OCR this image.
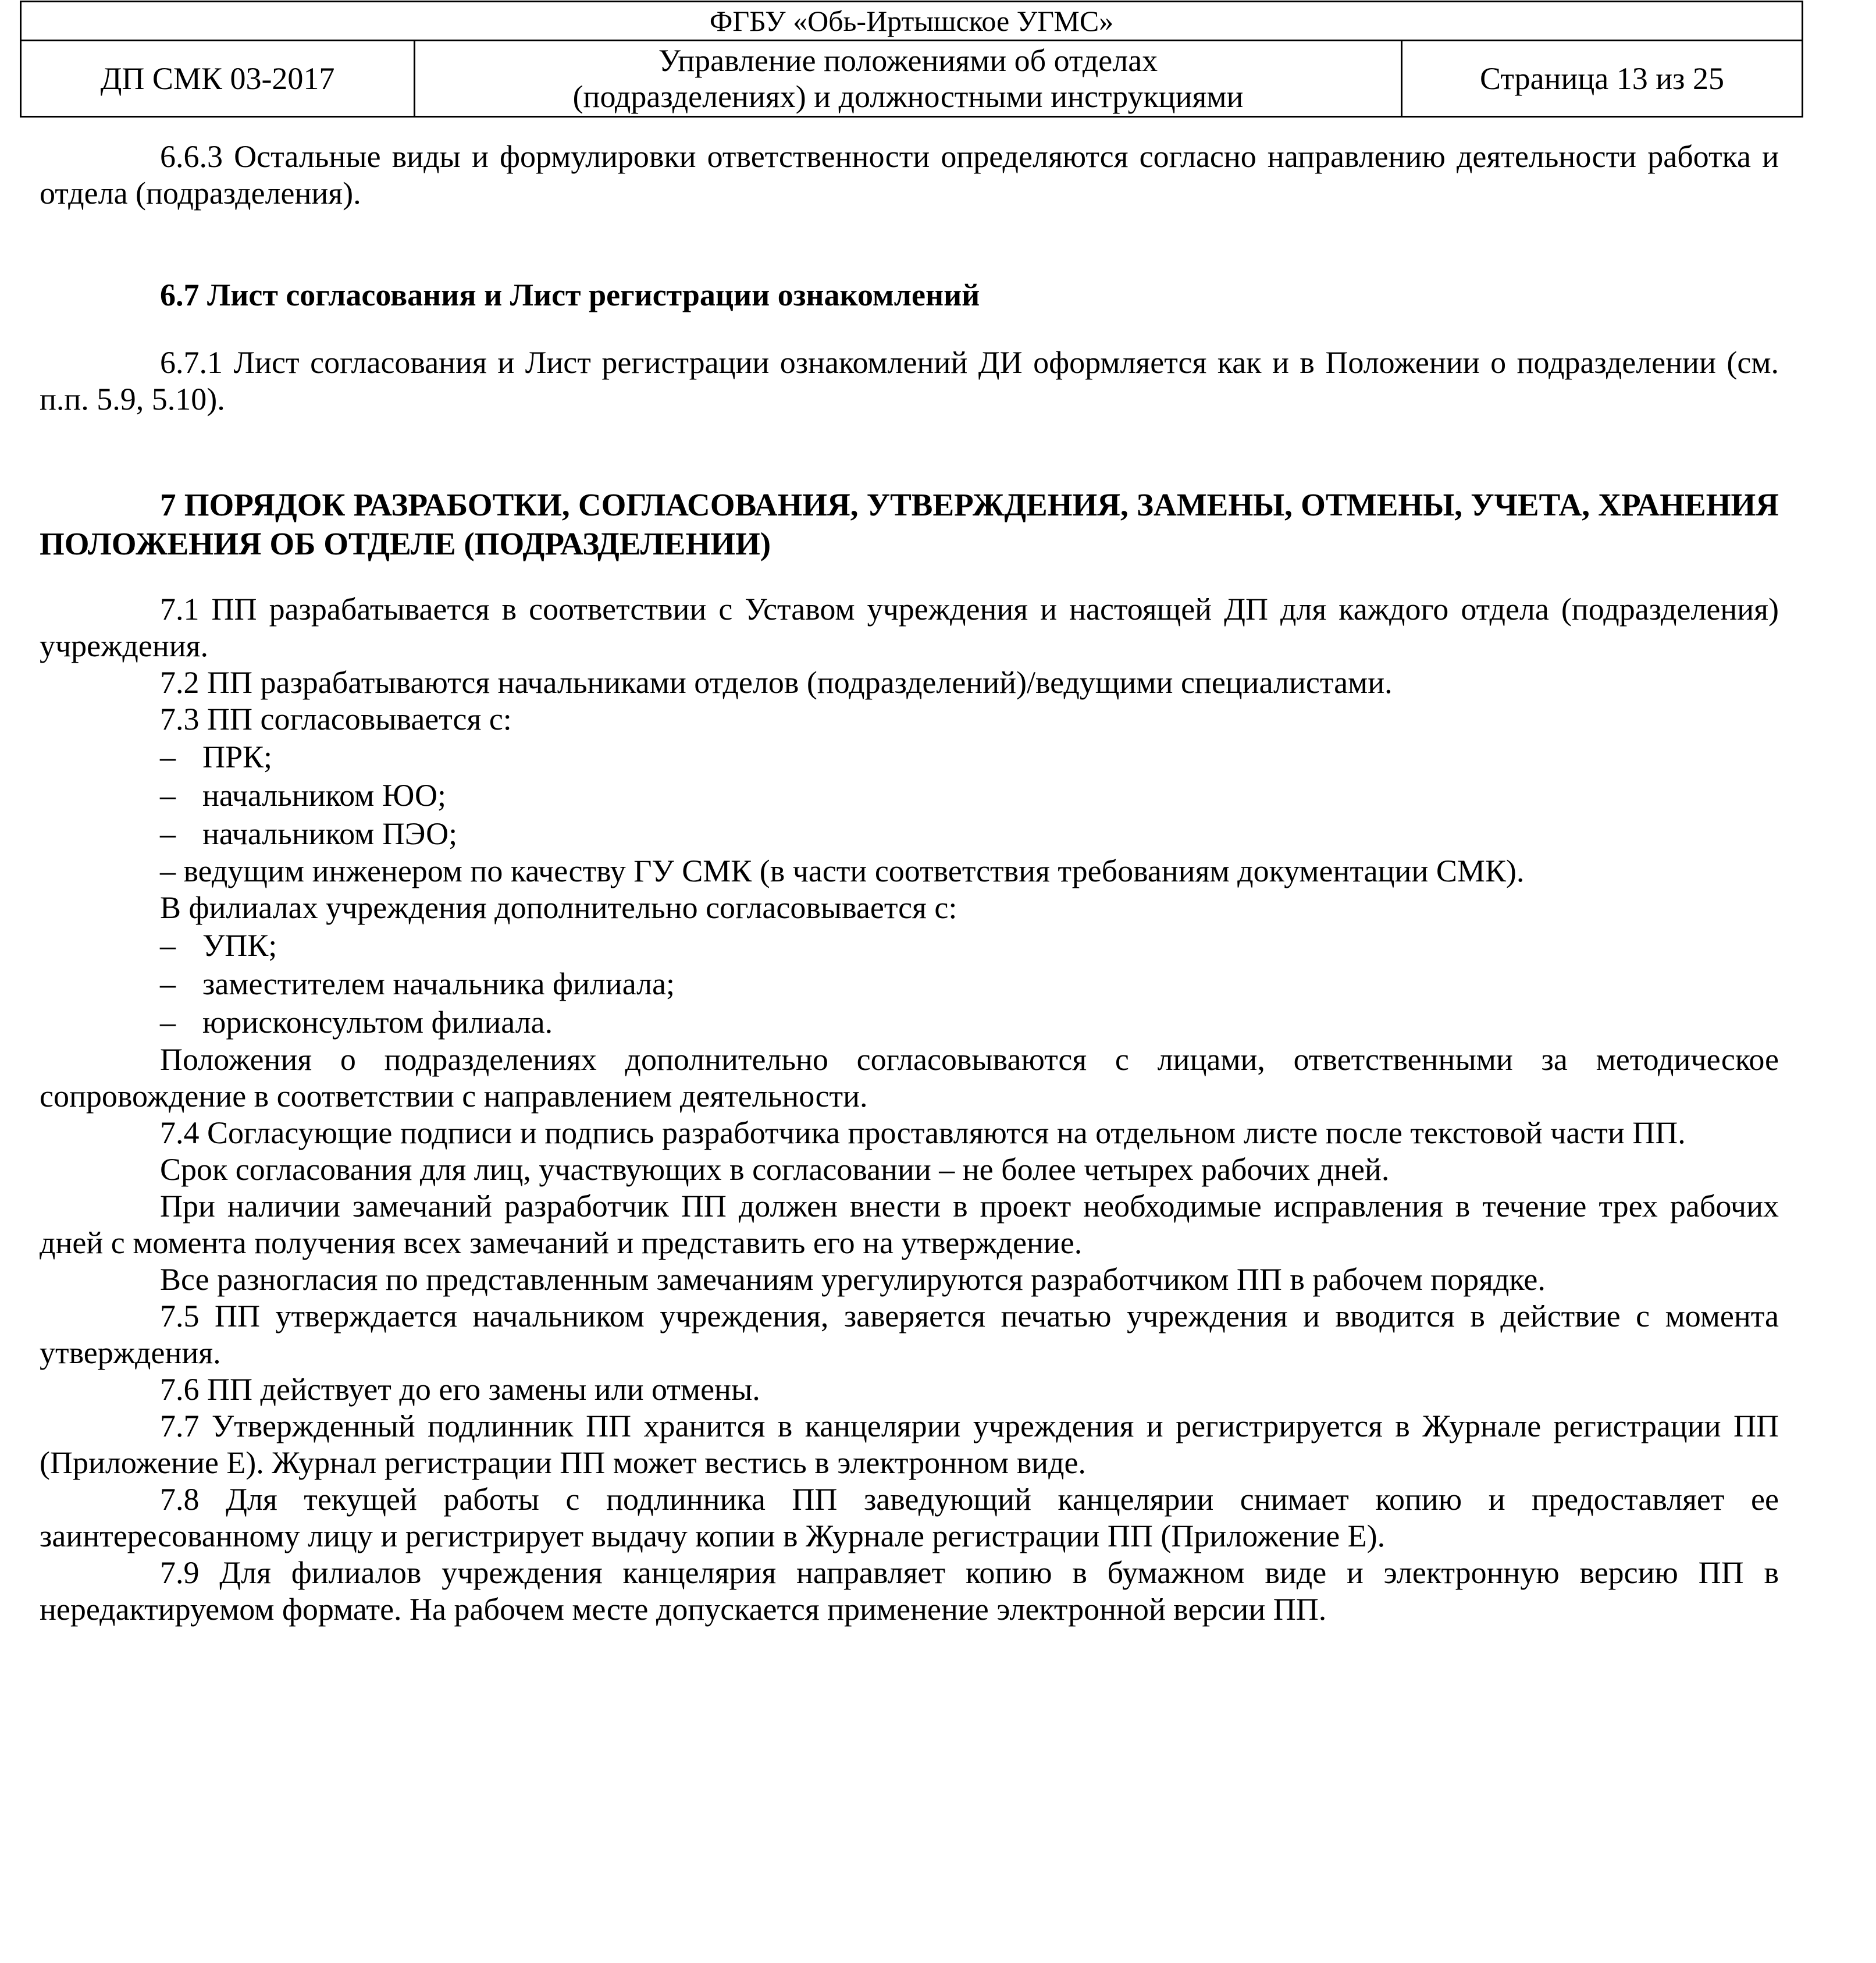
ФГБУ «Обь-Иртышское УГМС»
ДП СМК 03-2017
Управление положениями об отделах
(подразделениях) и должностными инструкциями
Страница 13 из 25

6.6.3 Остальные виды и формулировки ответственности определяются согласно направлению деятельности работка и отдела (подразделения).

6.7 Лист согласования и Лист регистрации ознакомлений

6.7.1 Лист согласования и Лист регистрации ознакомлений ДИ оформляется как и в Положении о подразделении (см. п.п. 5.9, 5.10).

7 ПОРЯДОК РАЗРАБОТКИ, СОГЛАСОВАНИЯ, УТВЕРЖДЕНИЯ, ЗАМЕНЫ, ОТМЕНЫ, УЧЕТА, ХРАНЕНИЯ ПОЛОЖЕНИЯ ОБ ОТДЕЛЕ (ПОДРАЗДЕЛЕНИИ)

7.1 ПП разрабатывается в соответствии с Уставом учреждения и настоящей ДП для каждого отдела (подразделения) учреждения.

7.2 ПП разрабатываются начальниками отделов (подразделений)/ведущими специалистами.

7.3 ПП согласовывается с:

– ПРК;
– начальником ЮО;
– начальником ПЭО;

– ведущим инженером по качеству ГУ СМК (в части соответствия требованиям документации СМК).

В филиалах учреждения дополнительно согласовывается с:

– УПК;
– заместителем начальника филиала;
– юрисконсультом филиала.

Положения о подразделениях дополнительно согласовываются с лицами, ответственными за методическое сопровождение в соответствии с направлением деятельности.

7.4 Согласующие подписи и подпись разработчика проставляются на отдельном листе после текстовой части ПП.

Срок согласования для лиц, участвующих в согласовании – не более четырех рабочих дней.

При наличии замечаний разработчик ПП должен внести в проект необходимые исправления в течение трех рабочих дней с момента получения всех замечаний и представить его на утверждение.

Все разногласия по представленным замечаниям урегулируются разработчиком ПП в рабочем порядке.

7.5 ПП утверждается начальником учреждения, заверяется печатью учреждения и вводится в действие с момента утверждения.

7.6 ПП действует до его замены или отмены.

7.7 Утвержденный подлинник ПП хранится в канцелярии учреждения и регистрируется в Журнале регистрации ПП (Приложение Е). Журнал регистрации ПП может вестись в электронном виде.

7.8 Для текущей работы с подлинника ПП заведующий канцелярии снимает копию и предоставляет ее заинтересованному лицу и регистрирует выдачу копии в Журнале регистрации ПП (Приложение Е).

7.9 Для филиалов учреждения канцелярия направляет копию в бумажном виде и электронную версию ПП в нередактируемом формате. На рабочем месте допускается применение электронной версии ПП.
